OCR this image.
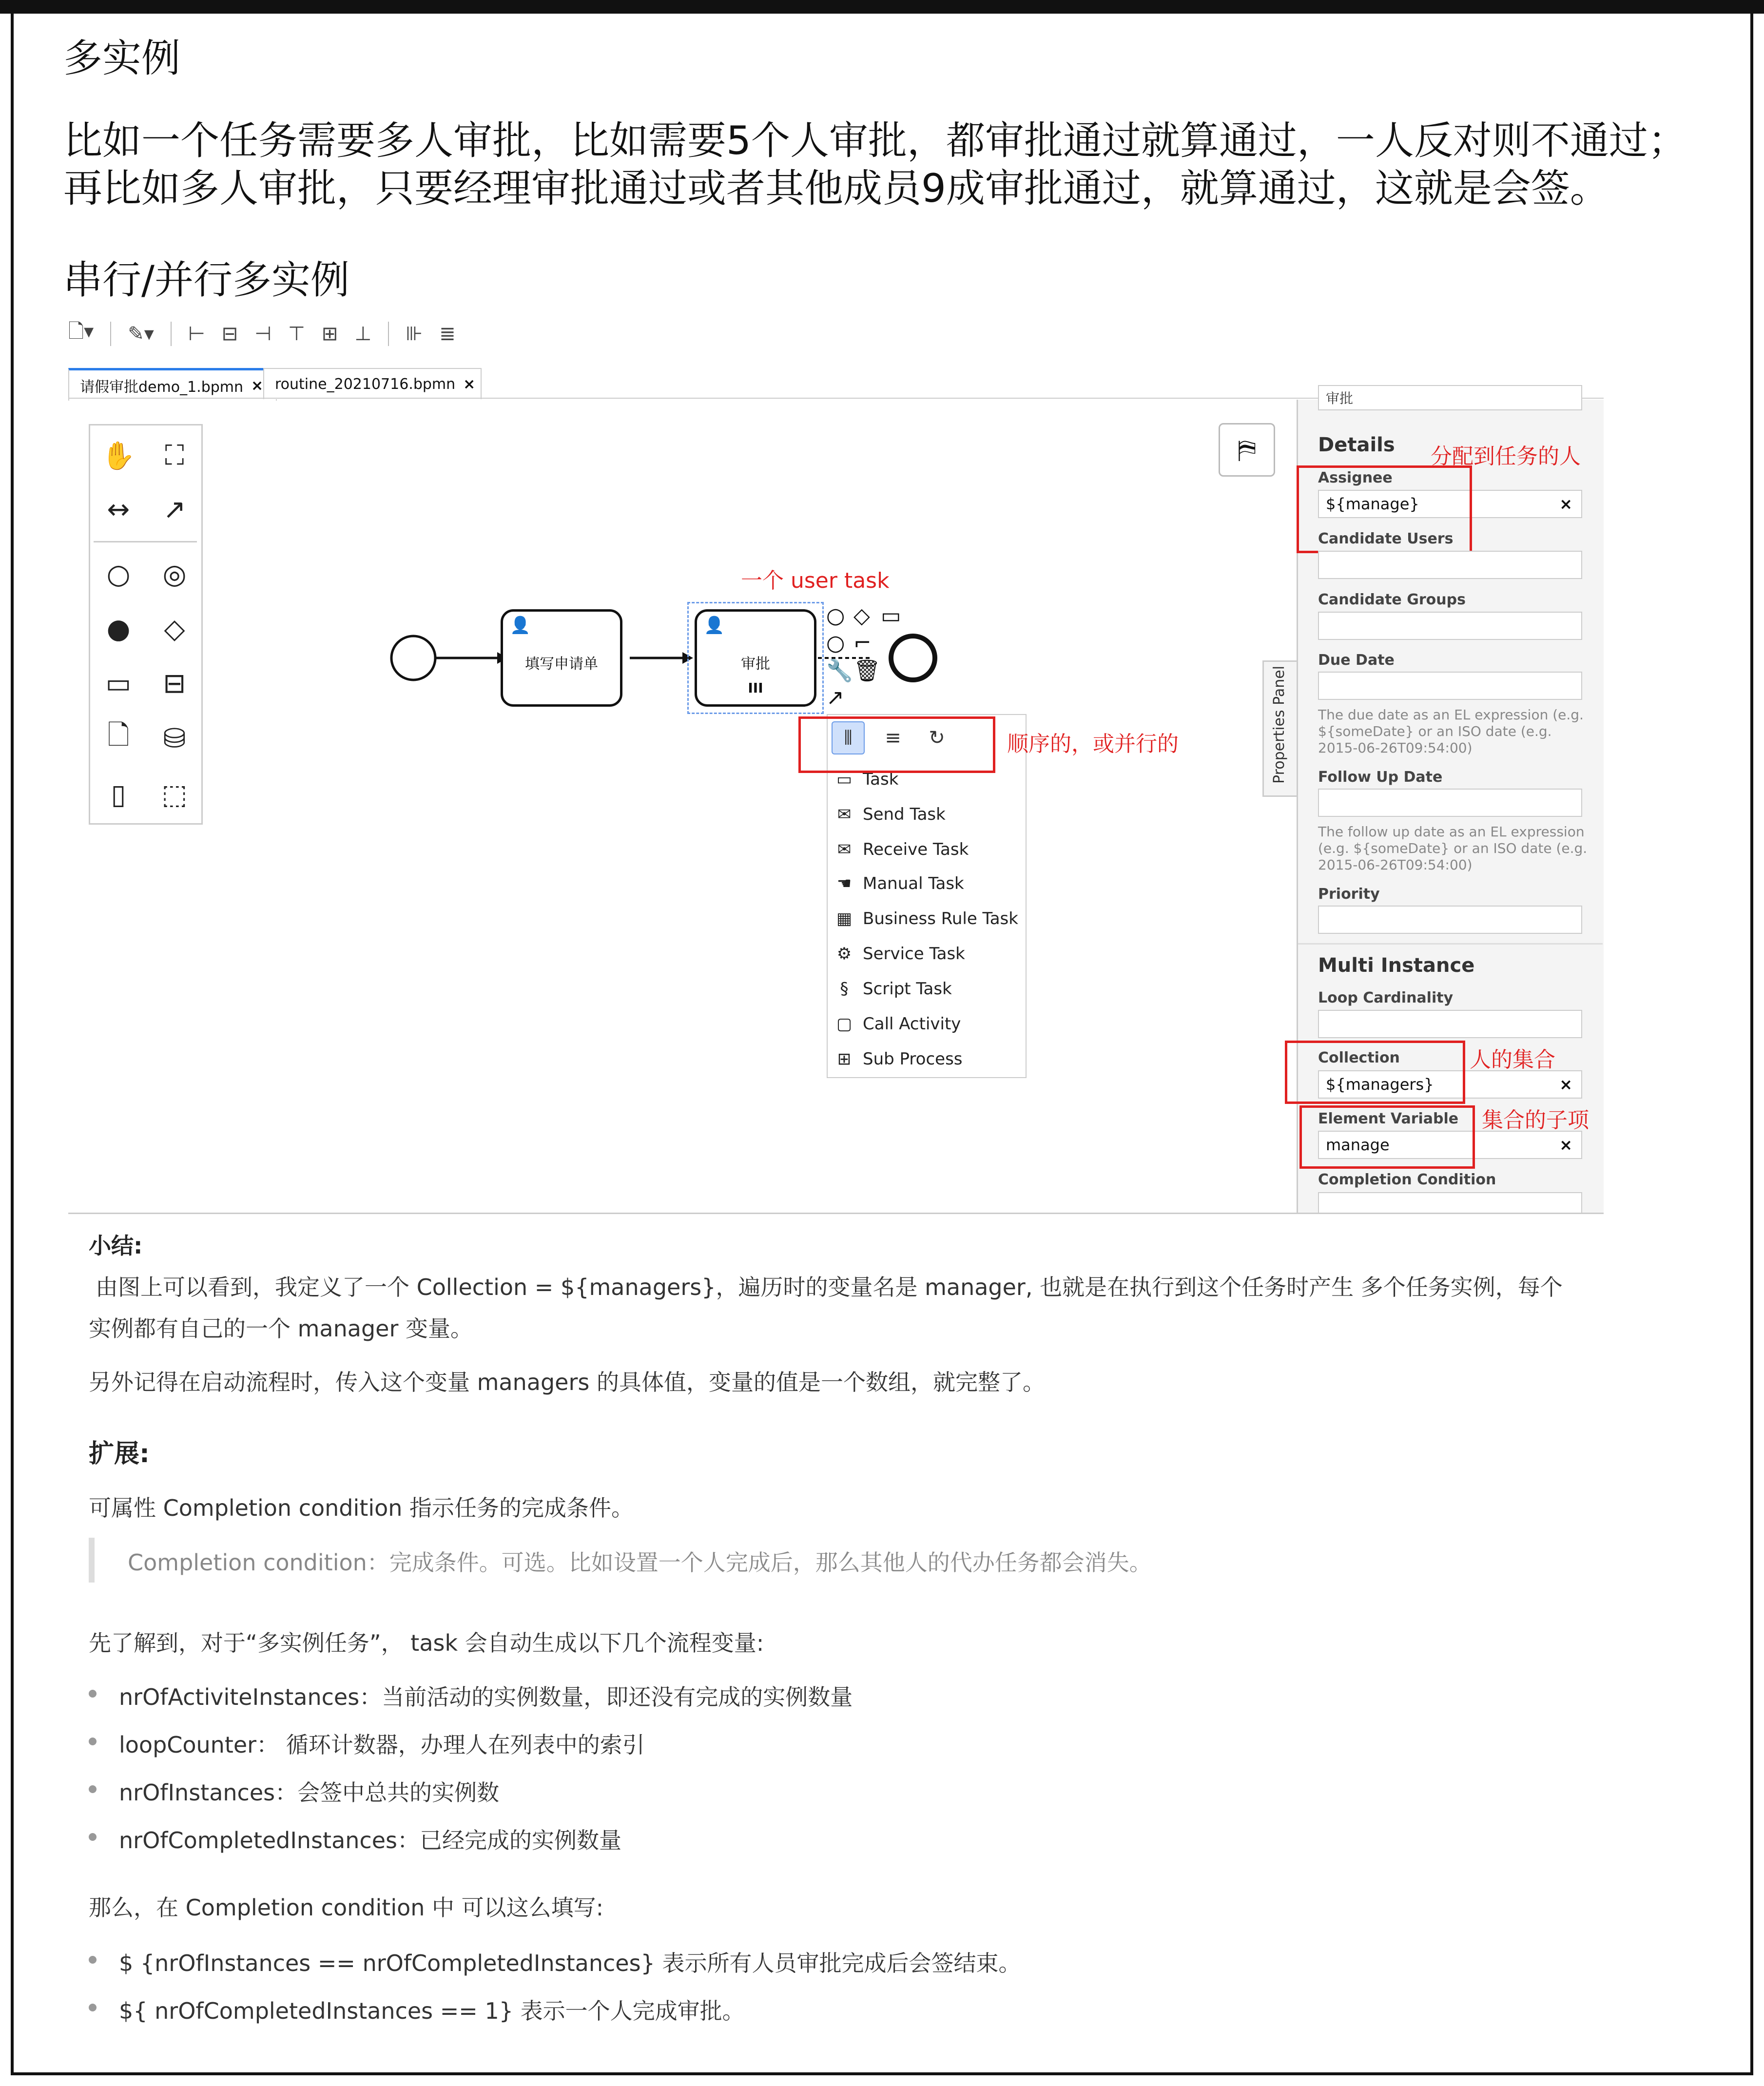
多实例
比如一个任务需要多人审批，比如需要5个人审批，都审批通过就算通过，一人反对则不通过；
再比如多人审批，只要经理审批通过或者其他成员9成审批通过，就算通过，这就是会签。
串行/并行多实例
🗋▾ ✎▾ ⊢ ⊟ ⊣ ⊤ ⊞ ⊥ ⊪ ≣
请假审批demo_1.bpmn × routine_20210716.bpmn ×
✋	⛶
↔ ↗
○ ◎
●	◇
▭ ⊟
🗋	⛁
▯	⬚
⛿
👤
填写申请单
👤
审批
III
○ ◇ ▭
○ ⌐
🔧 🗑
↗
一个 user task
▭ Task
✉ Send Task
✉ Receive Task
☚ Manual Task
▦ Business Rule Task
⚙ Service Task
§ Script Task
▢ Call Activity
⊞ Sub Process
⦀	≡	↻	顺序的，或并行的	Properties Panel
审批
Details 分配到任务的人
Assignee
${manage}	×
Candidate Users
Candidate Groups
Due Date
The due date as an EL expression (e.g. ${someDate} or an ISO date (e.g. 2015-06-26T09:54:00)
Follow Up Date
The follow up date as an EL expression (e.g. ${someDate} or an ISO date (e.g. 2015-06-26T09:54:00)
Priority
Multi Instance
Loop Cardinality
Collection
${managers}	×
人的集合
Element Variable
manage	×
集合的子项
Completion Condition
小结:
由图上可以看到，我定义了一个 Collection = ${managers}，遍历时的变量名是 manager, 也就是在执行到这个任务时产生 多个任务实例，每个
实例都有自己的一个 manager 变量。
另外记得在启动流程时，传入这个变量 managers 的具体值，变量的值是一个数组，就完整了。
扩展:
可属性 Completion condition 指示任务的完成条件。
Completion condition：完成条件。可选。比如设置一个人完成后，那么其他人的代办任务都会消失。
先了解到，对于“多实例任务”， task 会自动生成以下几个流程变量:
nrOfActiviteInstances：当前活动的实例数量，即还没有完成的实例数量
loopCounter： 循环计数器，办理人在列表中的索引
nrOfInstances：会签中总共的实例数
nrOfCompletedInstances：已经完成的实例数量
那么，在 Completion condition 中 可以这么填写:
$ {nrOfInstances == nrOfCompletedInstances} 表示所有人员审批完成后会签结束。
${ nrOfCompletedInstances == 1} 表示一个人完成审批。
